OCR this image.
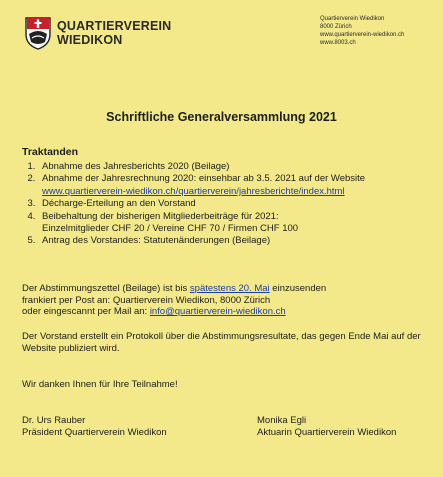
QUARTIERVEREIN
WIEDIKON
Quartierverein Wiedikon
8000 Zürich
www.quartierverein-wiedikon.ch
www.8003.ch
Schriftliche Generalversammlung 2021
Traktanden
1. Abnahme des Jahresberichts 2020 (Beilage)
2. Abnahme der Jahresrechnung 2020: einsehbar ab 3.5. 2021 auf der Website
www.quartierverein-wiedikon.ch/quartierverein/jahresberichte/index.html
3. Décharge-Erteilung an den Vorstand
4. Beibehaltung der bisherigen Mitgliederbeiträge für 2021:
Einzelmitglieder CHF 20 / Vereine CHF 70 / Firmen CHF 100
5. Antrag des Vorstandes: Statutenänderungen (Beilage)
Der Abstimmungszettel (Beilage) ist bis spätestens 20. Mai einzusenden
frankiert per Post an: Quartierverein Wiedikon, 8000 Zürich
oder eingescannt per Mail an: info@quartierverein-wiedikon.ch
Der Vorstand erstellt ein Protokoll über die Abstimmungsresultate, das gegen Ende Mai auf der Website publiziert wird.
Wir danken Ihnen für Ihre Teilnahme!
Dr. Urs Rauber
Präsident Quartierverein Wiedikon
Monika Egli
Aktuarin Quartierverein Wiedikon
